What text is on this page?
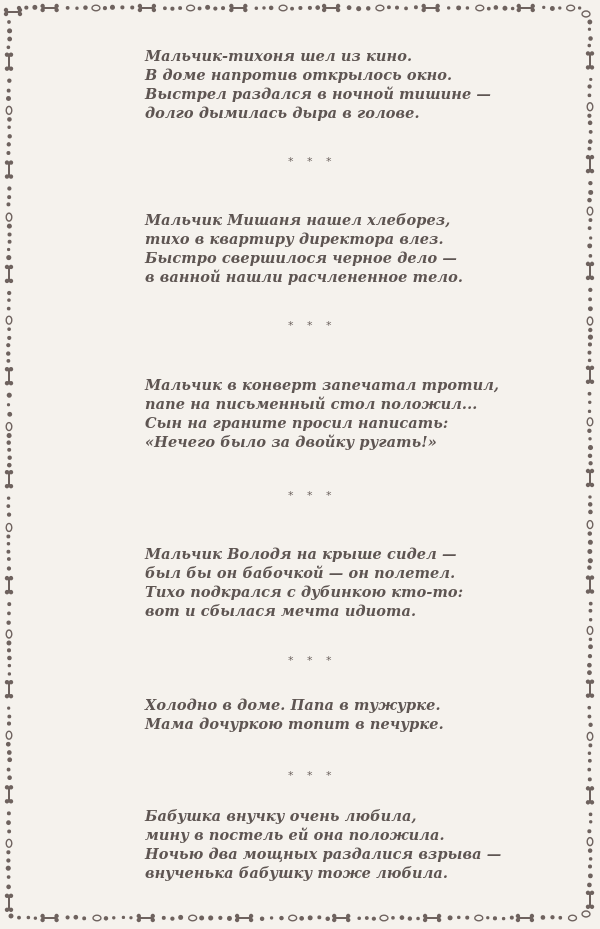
Мальчик-тихоня шел из кино.
В доме напротив открылось окно.
Выстрел раздался в ночной тишине —
долго дымилась дыра в голове.
* * *
Мальчик Мишаня нашел хлеборез,
тихо в квартиру директора влез.
Быстро свершилося черное дело —
в ванной нашли расчлененное тело.
* * *
Мальчик в конверт запечатал тротил,
папе на письменный стол положил...
Сын на граните просил написать:
«Нечего было за двойку ругать!»
* * *
Мальчик Володя на крыше сидел —
был бы он бабочкой — он полетел.
Тихо подкрался с дубинкою кто-то:
вот и сбылася мечта идиота.
* * *
Холодно в доме. Папа в тужурке.
Мама дочуркою топит в печурке.
* * *
Бабушка внучку очень любила,
мину в постель ей она положила.
Ночью два мощных раздалися взрыва —
внученька бабушку тоже любила.
